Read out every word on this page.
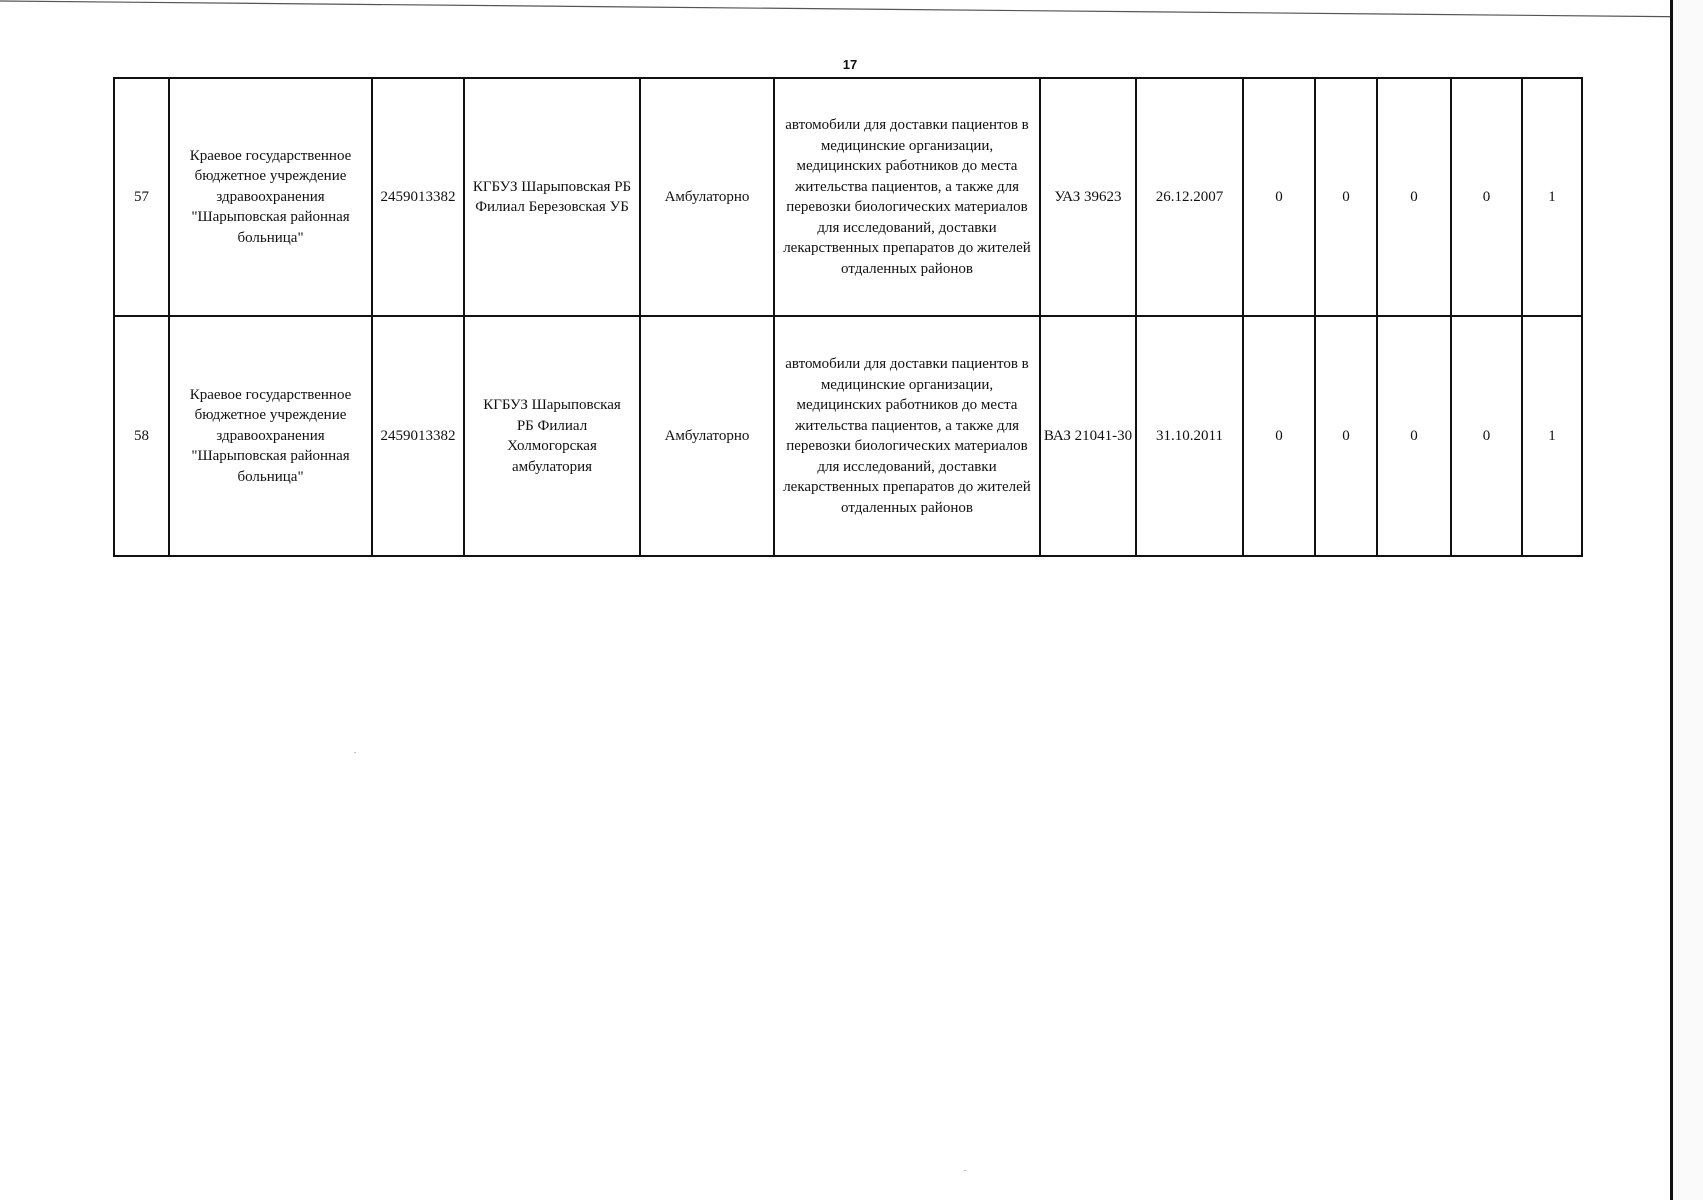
17
57	Краевое государственное бюджетное учреждение здравоохранения "Шарыповская районная больница"	2459013382	КГБУЗ Шарыповская РБ Филиал Березовская УБ	Амбулаторно	автомобили для доставки пациентов в медицинские организации, медицинских работников до места жительства пациентов, а также для перевозки биологических материалов для исследований, доставки лекарственных препаратов до жителей отдаленных районов	УАЗ 39623	26.12.2007	0	0	0	0	1
58	Краевое государственное бюджетное учреждение здравоохранения "Шарыповская районная больница"	2459013382	КГБУЗ Шарыповская РБ Филиал Холмогорская амбулатория	Амбулаторно	автомобили для доставки пациентов в медицинские организации, медицинских работников до места жительства пациентов, а также для перевозки биологических материалов для исследований, доставки лекарственных препаратов до жителей отдаленных районов	ВАЗ 21041-30	31.10.2011	0	0	0	0	1
